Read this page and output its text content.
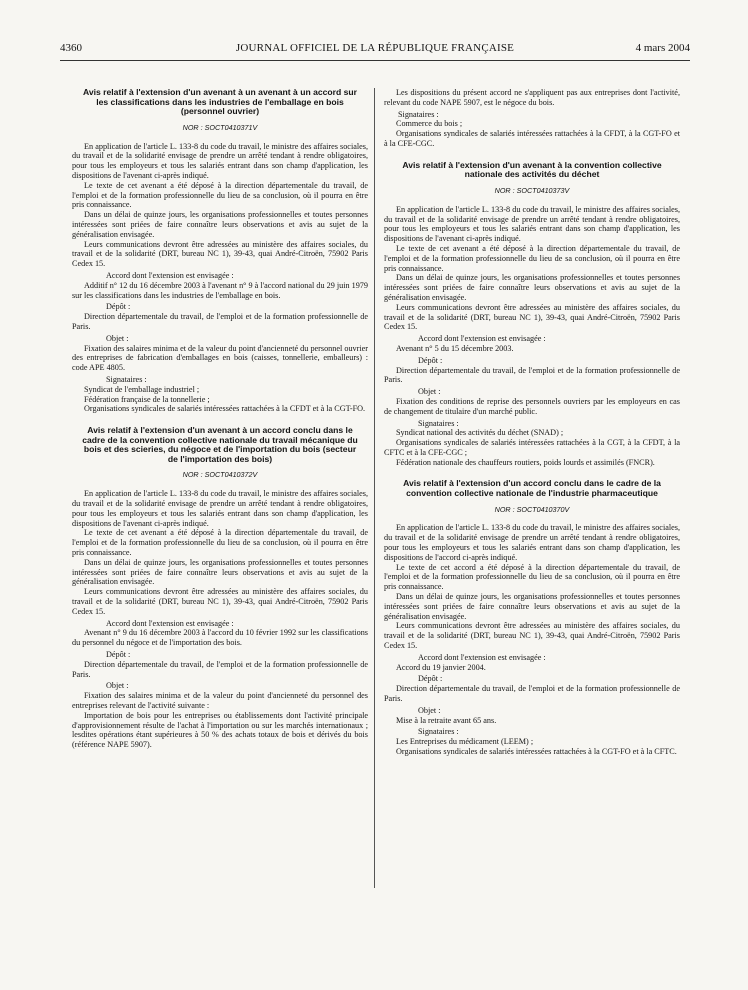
4360	JOURNAL OFFICIEL DE LA RÉPUBLIQUE FRANÇAISE	4 mars 2004
Avis relatif à l'extension d'un avenant à un avenant à un accord sur les classifications dans les industries de l'emballage en bois (personnel ouvrier)
NOR : SOCT0410371V

En application de l'article L. 133-8 du code du travail, le ministre des affaires sociales, du travail et de la solidarité envisage de prendre un arrêté tendant à rendre obligatoires, pour tous les employeurs et tous les salariés entrant dans son champ d'application, les dispositions de l'avenant ci-après indiqué.

Le texte de cet avenant a été déposé à la direction départementale du travail, de l'emploi et de la formation professionnelle du lieu de sa conclusion, où il pourra en être pris connaissance.

Dans un délai de quinze jours, les organisations professionnelles et toutes personnes intéressées sont priées de faire connaître leurs observations et avis au sujet de la généralisation envisagée.

Leurs communications devront être adressées au ministère des affaires sociales, du travail et de la solidarité (DRT, bureau NC 1), 39-43, quai André-Citroën, 75902 Paris Cedex 15.

Accord dont l'extension est envisagée :

Additif n° 12 du 16 décembre 2003 à l'avenant n° 9 à l'accord national du 29 juin 1979 sur les classifications dans les industries de l'emballage en bois.

Dépôt :

Direction départementale du travail, de l'emploi et de la formation professionnelle de Paris.

Objet :

Fixation des salaires minima et de la valeur du point d'ancienneté du personnel ouvrier des entreprises de fabrication d'emballages en bois (caisses, tonnellerie, emballeurs) : code APE 4805.

Signataires :

Syndicat de l'emballage industriel ;

Fédération française de la tonnellerie ;

Organisations syndicales de salariés intéressées rattachées à la CFDT et à la CGT-FO.

Avis relatif à l'extension d'un avenant à un accord conclu dans le cadre de la convention collective nationale du travail mécanique du bois et des scieries, du négoce et de l'importation du bois (secteur de l'importation des bois)
NOR : SOCT0410372V

En application de l'article L. 133-8 du code du travail, le ministre des affaires sociales, du travail et de la solidarité envisage de prendre un arrêté tendant à rendre obligatoires, pour tous les employeurs et tous les salariés entrant dans son champ d'application, les dispositions de l'avenant ci-après indiqué.

Le texte de cet avenant a été déposé à la direction départementale du travail, de l'emploi et de la formation professionnelle du lieu de sa conclusion, où il pourra en être pris connaissance.

Dans un délai de quinze jours, les organisations professionnelles et toutes personnes intéressées sont priées de faire connaître leurs observations et avis au sujet de la généralisation envisagée.

Leurs communications devront être adressées au ministère des affaires sociales, du travail et de la solidarité (DRT, bureau NC 1), 39-43, quai André-Citroën, 75902 Paris Cedex 15.

Accord dont l'extension est envisagée :

Avenant n° 9 du 16 décembre 2003 à l'accord du 10 février 1992 sur les classifications du personnel du négoce et de l'importation des bois.

Dépôt :

Direction départementale du travail, de l'emploi et de la formation professionnelle de Paris.

Objet :

Fixation des salaires minima et de la valeur du point d'ancienneté du personnel des entreprises relevant de l'activité suivante :

Importation de bois pour les entreprises ou établissements dont l'activité principale d'approvisionnement résulte de l'achat à l'importation ou sur les marchés internationaux ; lesdites opérations étant supérieures à 50 % des achats totaux de bois et dérivés du bois (référence NAPE 5907).

Les dispositions du présent accord ne s'appliquent pas aux entreprises dont l'activité, relevant du code NAPE 5907, est le négoce du bois.

Signataires :

Commerce du bois ;

Organisations syndicales de salariés intéressées rattachées à la CFDT, à la CGT-FO et à la CFE-CGC.

Avis relatif à l'extension d'un avenant à la convention collective nationale des activités du déchet
NOR : SOCT0410373V

En application de l'article L. 133-8 du code du travail, le ministre des affaires sociales, du travail et de la solidarité envisage de prendre un arrêté tendant à rendre obligatoires, pour tous les employeurs et tous les salariés entrant dans son champ d'application, les dispositions de l'avenant ci-après indiqué.

Le texte de cet avenant a été déposé à la direction départementale du travail, de l'emploi et de la formation professionnelle du lieu de sa conclusion, où il pourra en être pris connaissance.

Dans un délai de quinze jours, les organisations professionnelles et toutes personnes intéressées sont priées de faire connaître leurs observations et avis au sujet de la généralisation envisagée.

Leurs communications devront être adressées au ministère des affaires sociales, du travail et de la solidarité (DRT, bureau NC 1), 39-43, quai André-Citroën, 75902 Paris Cedex 15.

Accord dont l'extension est envisagée :

Avenant n° 5 du 15 décembre 2003.

Dépôt :

Direction départementale du travail, de l'emploi et de la formation professionnelle de Paris.

Objet :

Fixation des conditions de reprise des personnels ouvriers par les employeurs en cas de changement de titulaire d'un marché public.

Signataires :

Syndicat national des activités du déchet (SNAD) ;

Organisations syndicales de salariés intéressées rattachées à la CGT, à la CFDT, à la CFTC et à la CFE-CGC ;

Fédération nationale des chauffeurs routiers, poids lourds et assimilés (FNCR).

Avis relatif à l'extension d'un accord conclu dans le cadre de la convention collective nationale de l'industrie pharmaceutique
NOR : SOCT0410370V

En application de l'article L. 133-8 du code du travail, le ministre des affaires sociales, du travail et de la solidarité envisage de prendre un arrêté tendant à rendre obligatoires, pour tous les employeurs et tous les salariés entrant dans son champ d'application, les dispositions de l'accord ci-après indiqué.

Le texte de cet accord a été déposé à la direction départementale du travail, de l'emploi et de la formation professionnelle du lieu de sa conclusion, où il pourra en être pris connaissance.

Dans un délai de quinze jours, les organisations professionnelles et toutes personnes intéressées sont priées de faire connaître leurs observations et avis au sujet de la généralisation envisagée.

Leurs communications devront être adressées au ministère des affaires sociales, du travail et de la solidarité (DRT, bureau NC 1), 39-43, quai André-Citroën, 75902 Paris Cedex 15.

Accord dont l'extension est envisagée :

Accord du 19 janvier 2004.

Dépôt :

Direction départementale du travail, de l'emploi et de la formation professionnelle de Paris.

Objet :

Mise à la retraite avant 65 ans.

Signataires :

Les Entreprises du médicament (LEEM) ;

Organisations syndicales de salariés intéressées rattachées à la CGT-FO et à la CFTC.
